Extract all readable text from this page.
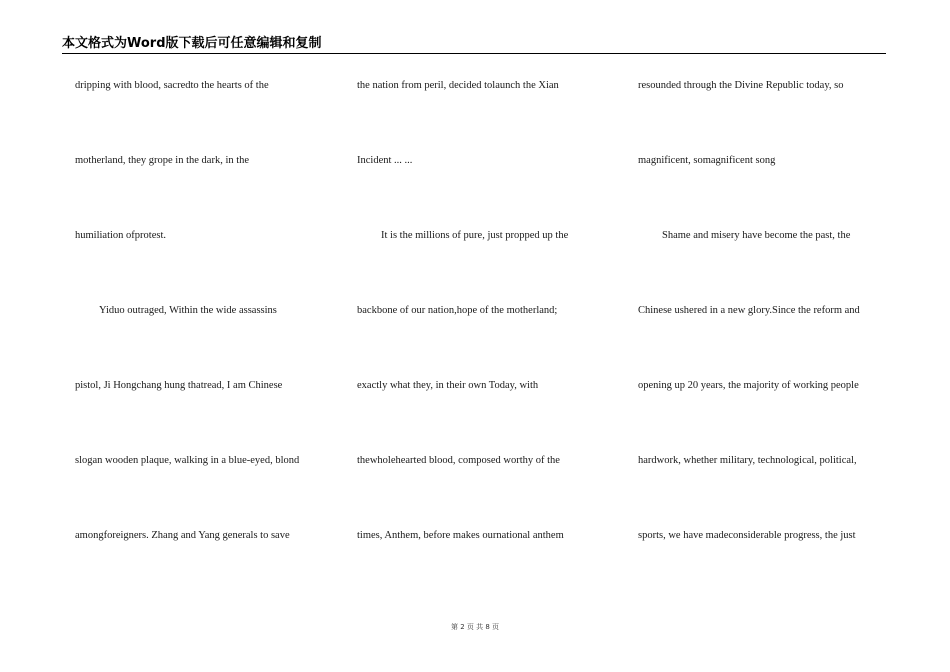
本文格式为Word版下载后可任意编辑和复制
dripping with blood, sacredto the hearts of the
motherland, they grope in the dark, in the
humiliation ofprotest.
Yiduo outraged, Within the wide assassins
pistol, Ji Hongchang hung thatread, I am Chinese
slogan wooden plaque, walking in a blue-eyed, blond
amongforeigners. Zhang and Yang generals to save
the nation from peril, decided tolaunch the Xian
Incident ... ...
It is the millions of pure, just propped up the
backbone of our nation,hope of the motherland;
exactly what they, in their own Today, with
thewholehearted blood, composed worthy of the
times, Anthem, before makes ournational anthem
resounded through the Divine Republic today, so
magnificent, somagnificent song
Shame and misery have become the past, the
Chinese ushered in a new glory.Since the reform and
opening up 20 years, the majority of working people
hardwork, whether military, technological, political,
sports, we have madeconsiderable progress, the just
第 2 页 共 8 页
